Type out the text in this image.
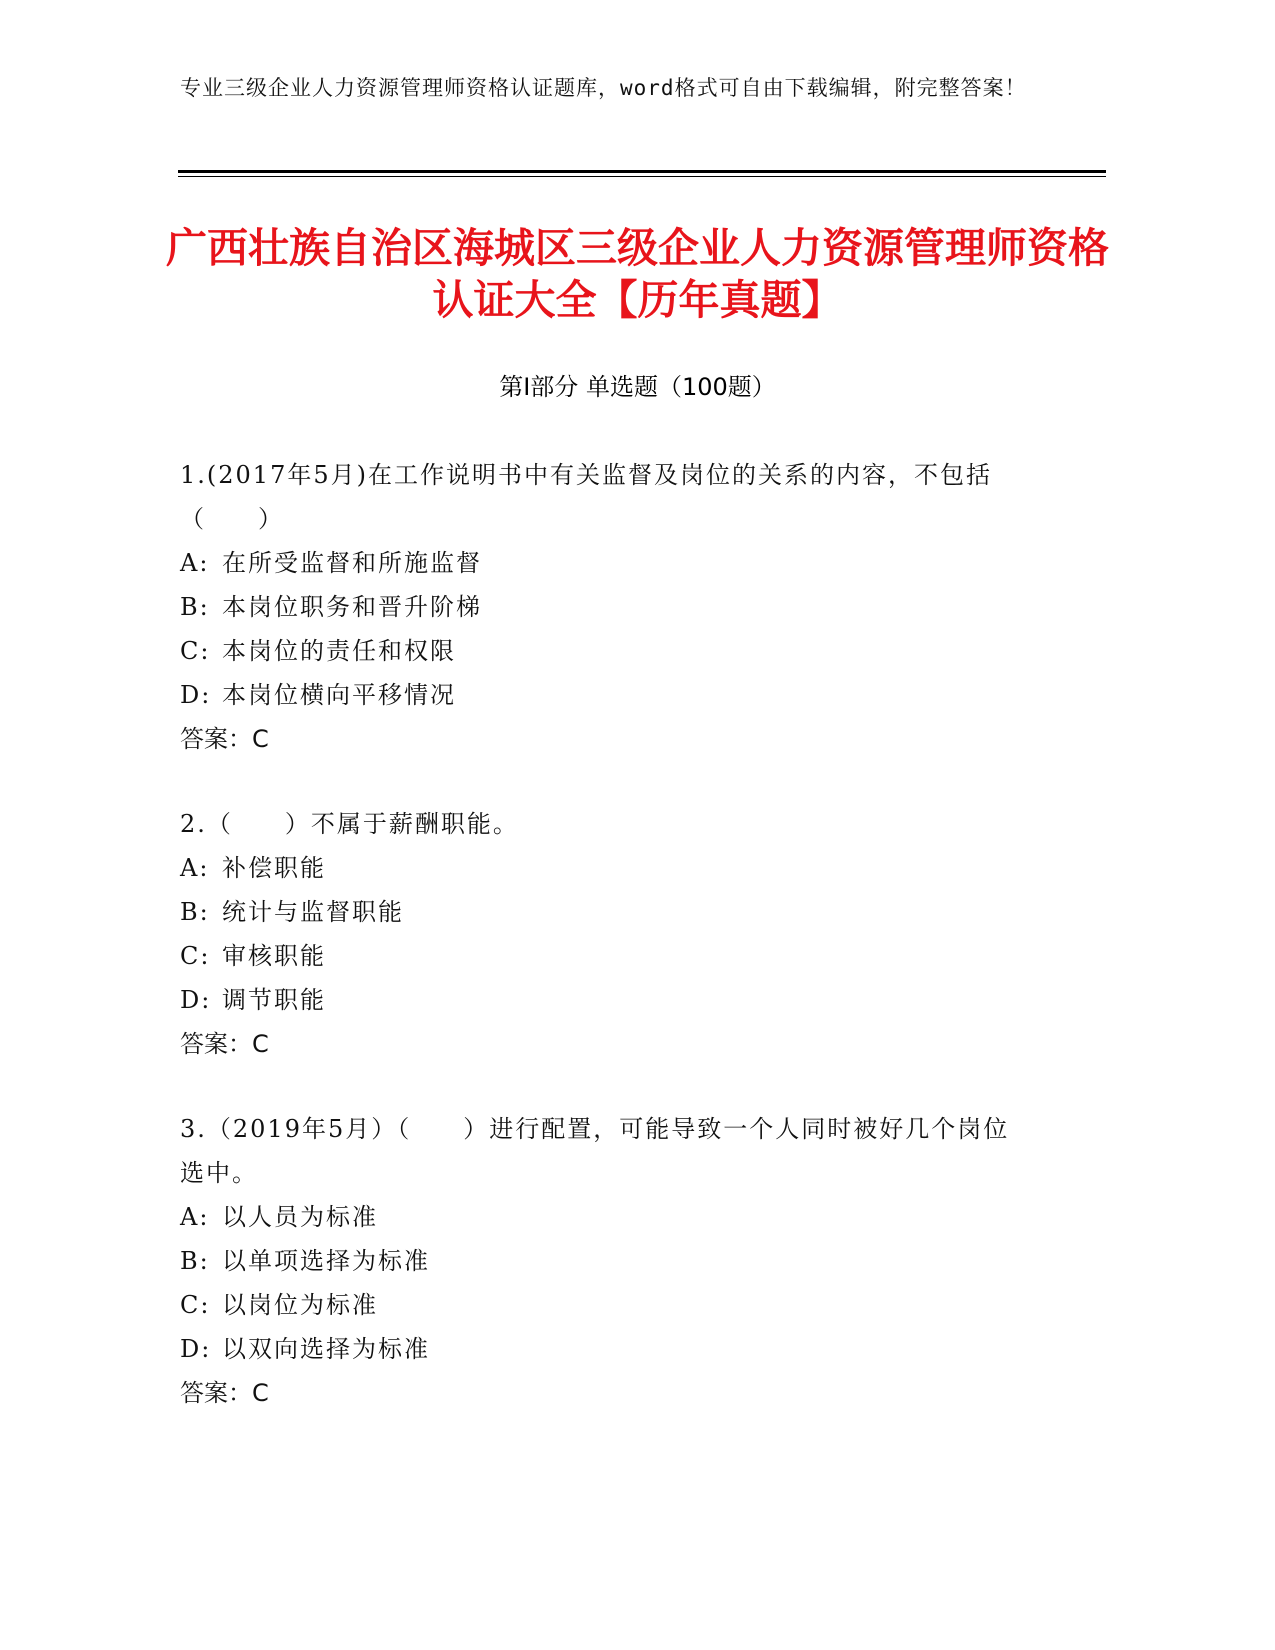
专业三级企业人力资源管理师资格认证题库，word格式可自由下载编辑，附完整答案！
广西壮族自治区海城区三级企业人力资源管理师资格认证大全【历年真题】
第I部分 单选题（100题）
1.(2017年5月)在工作说明书中有关监督及岗位的关系的内容，不包括（　　）
A: 在所受监督和所施监督
B: 本岗位职务和晋升阶梯
C: 本岗位的责任和权限
D: 本岗位横向平移情况
答案：C
2.（　　）不属于薪酬职能。
A: 补偿职能
B: 统计与监督职能
C: 审核职能
D: 调节职能
答案：C
3.（2019年5月）（　　）进行配置，可能导致一个人同时被好几个岗位选中。
A: 以人员为标准
B: 以单项选择为标准
C: 以岗位为标准
D: 以双向选择为标准
答案：C
